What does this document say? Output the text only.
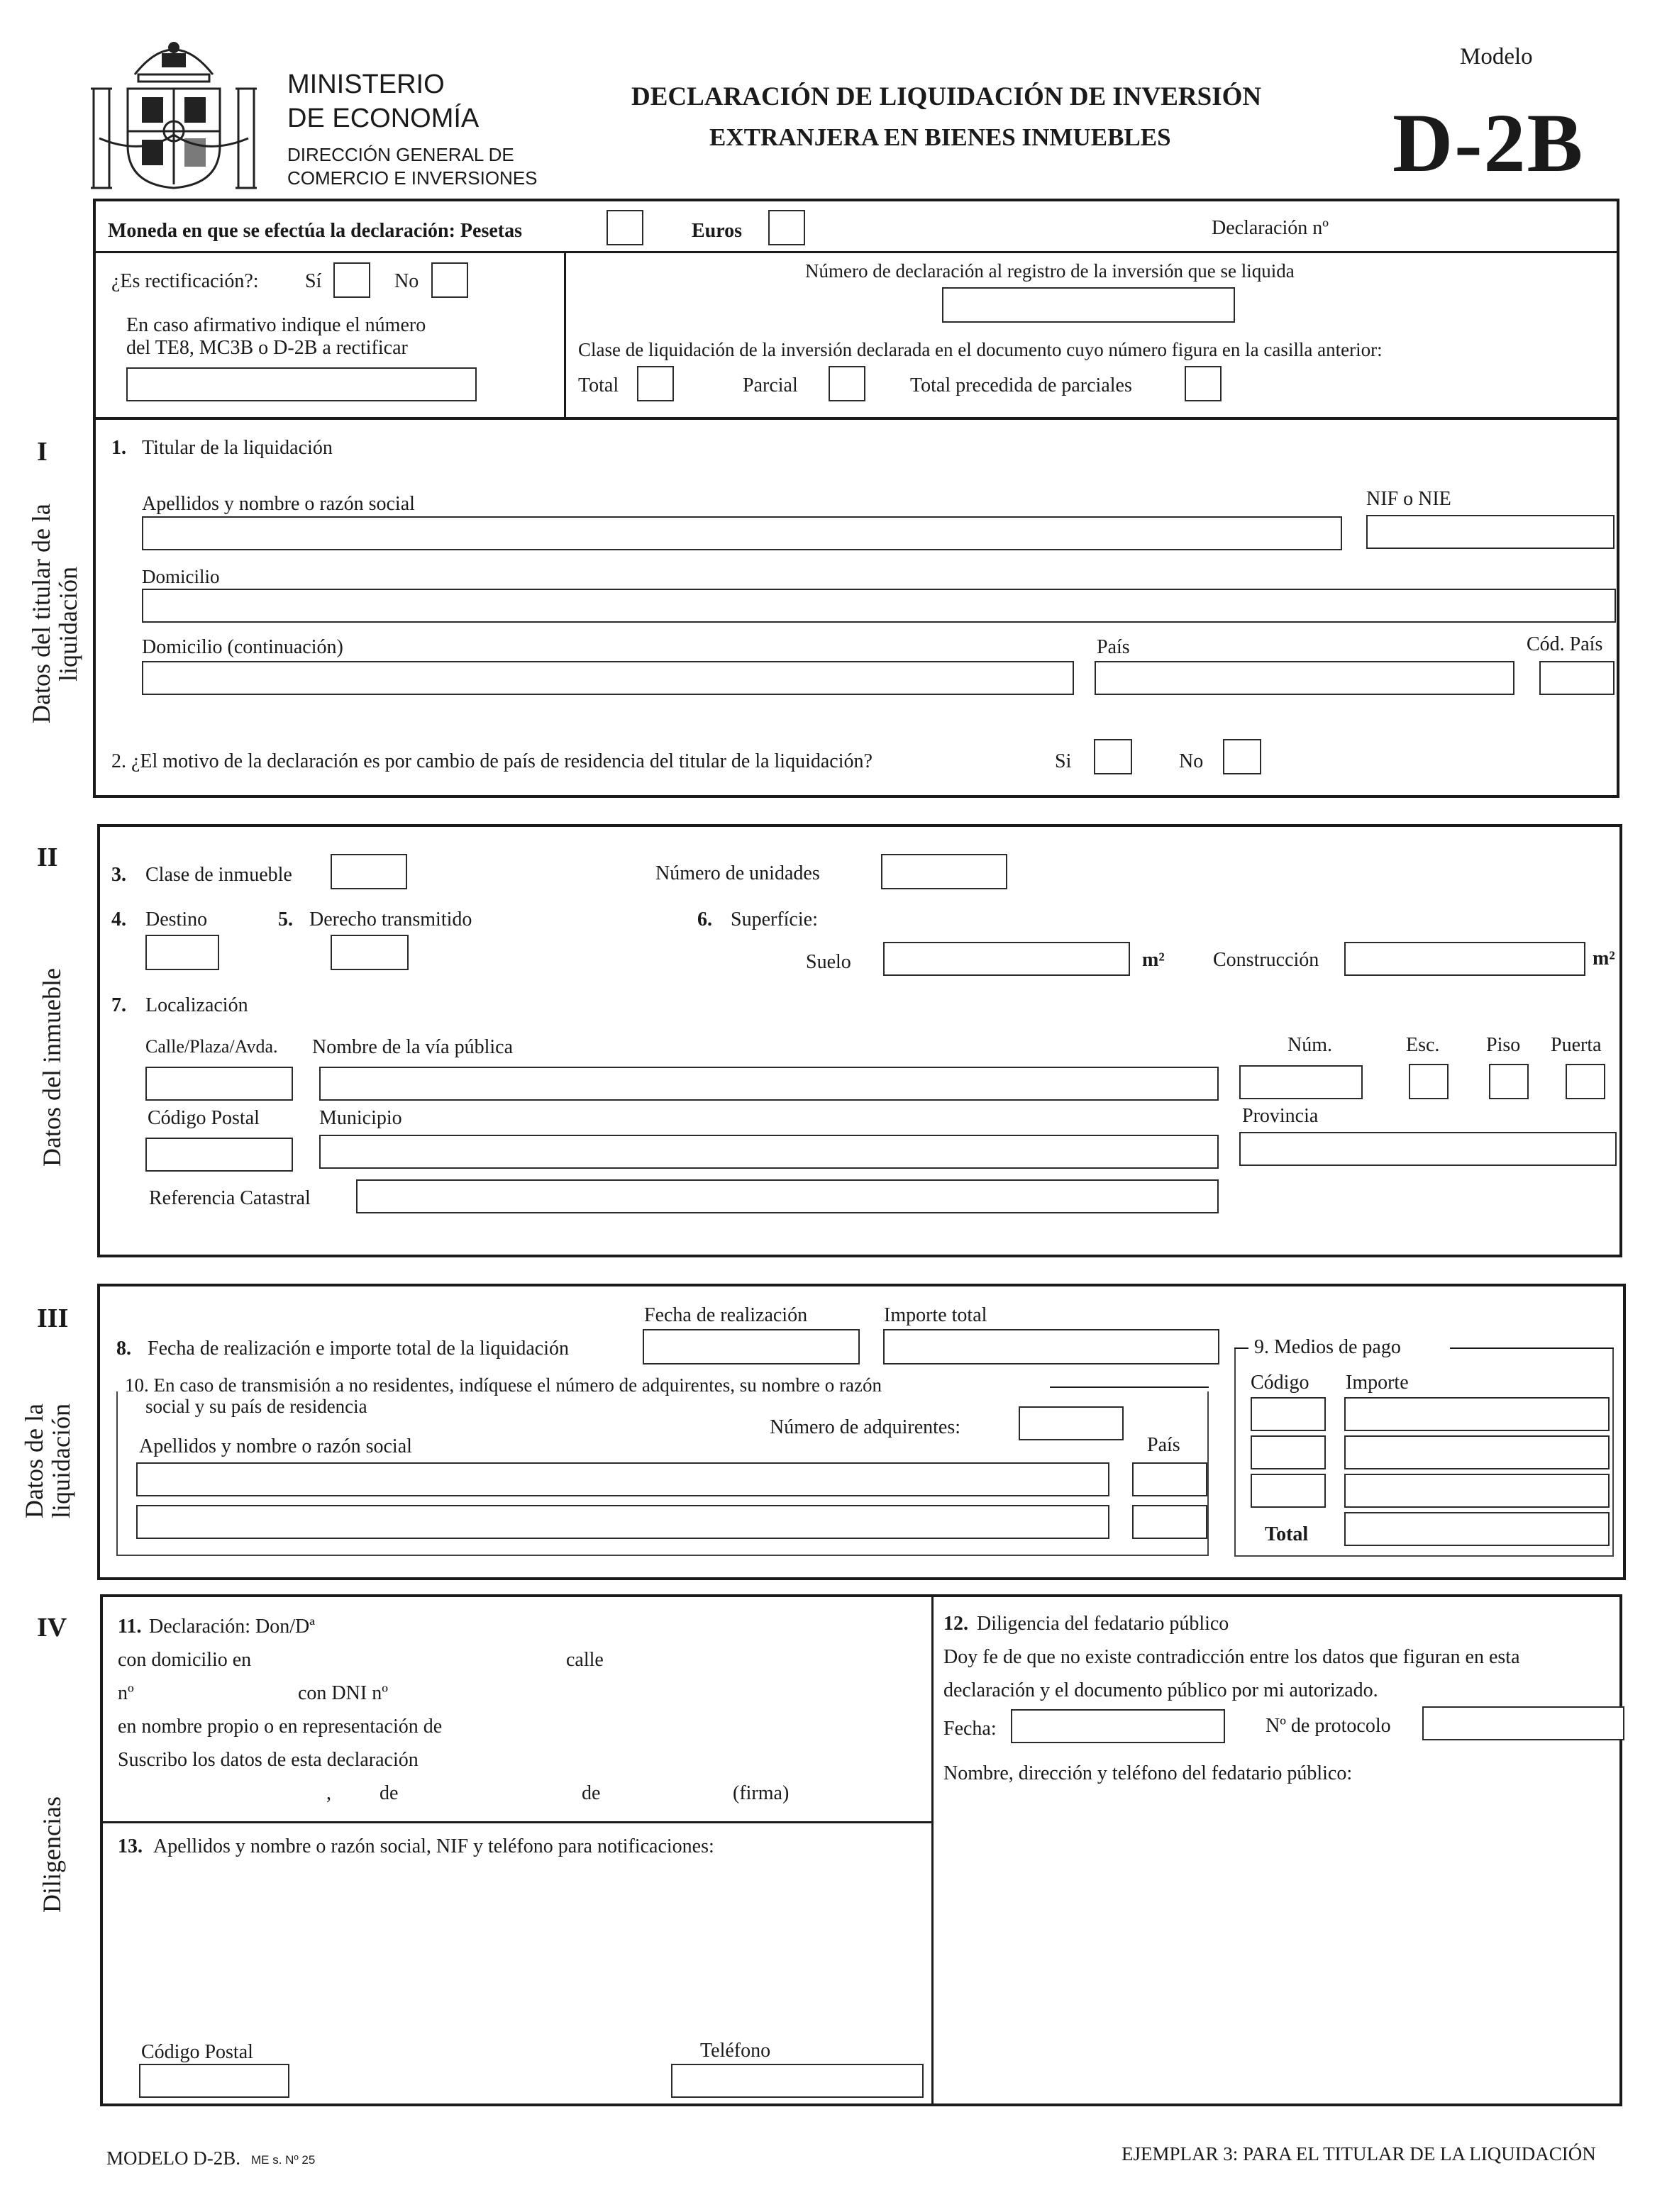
MINISTERIO
DE ECONOMÍA
DIRECCIÓN GENERAL DE
COMERCIO E INVERSIONES
DECLARACIÓN DE LIQUIDACIÓN DE INVERSIÓN
EXTRANJERA EN BIENES INMUEBLES
Modelo
D-2B
Moneda en que se efectúa la declaración: Pesetas	Euros	Declaración nº
¿Es rectificación?: Sí	No
En caso afirmativo indique el número
del TE8, MC3B o D-2B a rectificar
Número de declaración al registro de la inversión que se liquida
Clase de liquidación de la inversión declarada en el documento cuyo número figura en la casilla anterior:
Total	Parcial	Total precedida de parciales
I
Datos del titular de la
liquidación
1. Titular de la liquidación
Apellidos y nombre o razón social	NIF o NIE
Domicilio
Domicilio (continuación)	País	Cód. País
2. ¿El motivo de la declaración es por cambio de país de residencia del titular de la liquidación?	Si	No
II
Datos del inmueble
3. Clase de inmueble	Número de unidades
4. Destino	5. Derecho transmitido	6. Superfície:
Suelo	m² Construcción	m²
7. Localización
Calle/Plaza/Avda. Nombre de la vía pública	Núm.	Esc. Piso Puerta
Código Postal	Municipio	Provincia
Referencia Catastral
III
Datos de la
liquidación
Fecha de realización	Importe total
8. Fecha de realización e importe total de la liquidación
10. En caso de transmisión a no residentes, indíquese el número de adquirentes, su nombre o razón
social y su país de residencia
Número de adquirentes:
Apellidos y nombre o razón social	País
9. Medios de pago
Código Importe
Total
IV
Diligencias
11. Declaración: Don/Dª
con domicilio en	calle
nº	con DNI nº
en nombre propio o en representación de
Suscribo los datos de esta declaración
, de	de	(firma)
13. Apellidos y nombre o razón social, NIF y teléfono para notificaciones:
Código Postal	Teléfono
12. Diligencia del fedatario público
Doy fe de que no existe contradicción entre los datos que figuran en esta
declaración y el documento público por mi autorizado.
Fecha:	Nº de protocolo
Nombre, dirección y teléfono del fedatario público:
MODELO D-2B. ME s. Nº 25	EJEMPLAR 3: PARA EL TITULAR DE LA LIQUIDACIÓN
